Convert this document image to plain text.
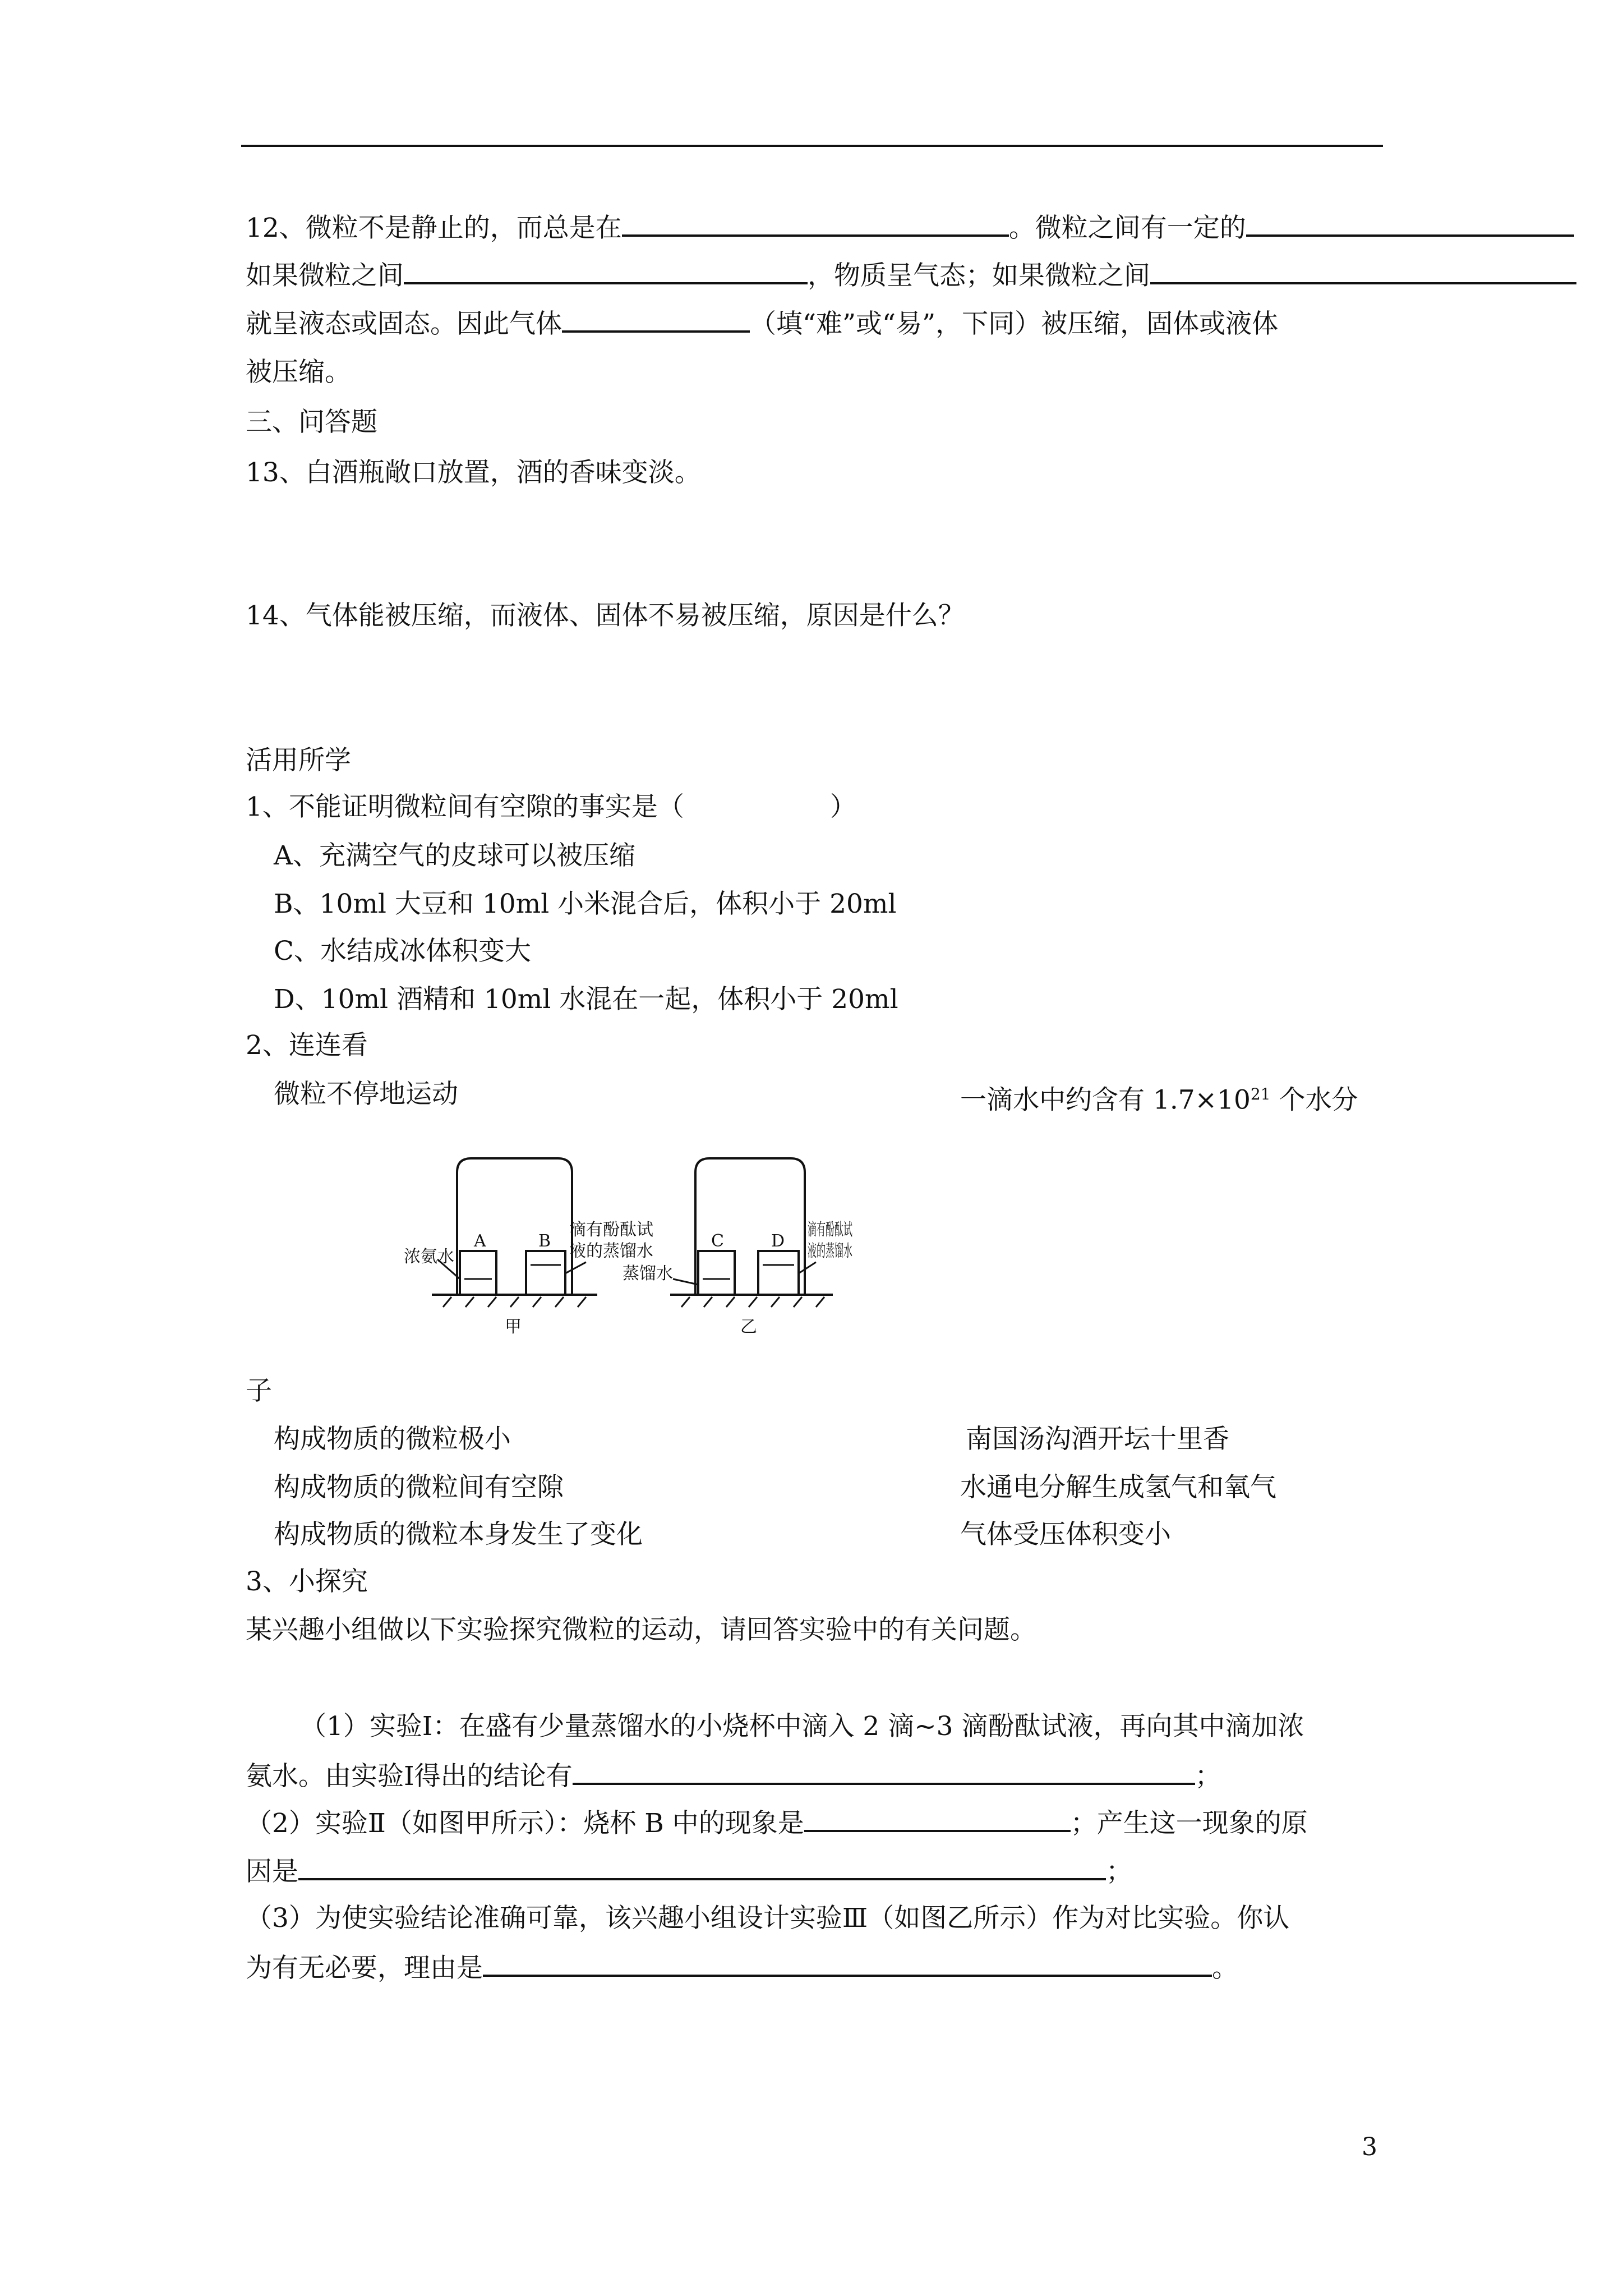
12、微粒不是静止的，而总是在	。微粒之间有一定的
如果微粒之间	，物质呈气态；如果微粒之间
就呈液态或固态。因此气体	（填“难”或“易”，下同）被压缩，固体或液体
被压缩。
三、问答题
13、白酒瓶敞口放置，酒的香味变淡。
14、气体能被压缩，而液体、固体不易被压缩，原因是什么？
活用所学
1、不能证明微粒间有空隙的事实是（	）
A、充满空气的皮球可以被压缩
B、10ml 大豆和 10ml 小米混合后，体积小于 20ml
C、水结成冰体积变大
D、10ml 酒精和 10ml 水混在一起，体积小于 20ml
2、连连看
微粒不停地运动	一滴水中约含有 $1.7\times 10^{21}$ 个水分
A	B	C	D
浓氨水
滴有酚酞试
液的蒸馏水
蒸馏水
滴有酚酞试
液的蒸馏水
甲	乙
子
构成物质的微粒极小	南国汤沟酒开坛十里香
构成物质的微粒间有空隙	水通电分解生成氢气和氧气
构成物质的微粒本身发生了变化	气体受压体积变小
3、小探究
某兴趣小组做以下实验探究微粒的运动，请回答实验中的有关问题。
（1）实验Ⅰ：在盛有少量蒸馏水的小烧杯中滴入 2 滴~3 滴酚酞试液，再向其中滴加浓
氨水。由实验Ⅰ得出的结论有	；
（2）实验Ⅱ（如图甲所示）：烧杯 B 中的现象是	；产生这一现象的原
因是	；
（3）为使实验结论准确可靠，该兴趣小组设计实验Ⅲ（如图乙所示）作为对比实验。你认
为有无必要，理由是	。
3
